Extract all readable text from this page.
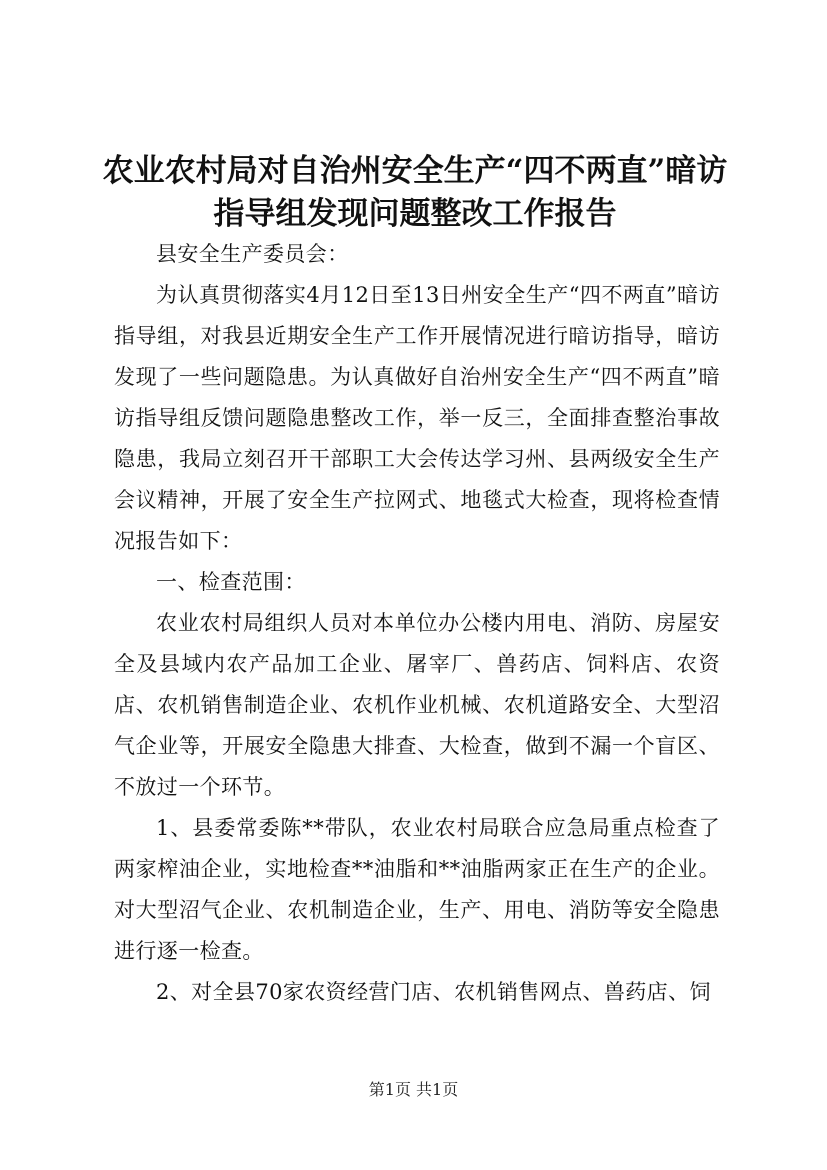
农业农村局对自治州安全生产“四不两直”暗访指导组发现问题整改工作报告

县安全生产委员会：

为认真贯彻落实4月12日至13日州安全生产“四不两直”暗访指导组，对我县近期安全生产工作开展情况进行暗访指导，暗访发现了一些问题隐患。为认真做好自治州安全生产“四不两直”暗访指导组反馈问题隐患整改工作，举一反三，全面排查整治事故隐患，我局立刻召开干部职工大会传达学习州、县两级安全生产会议精神，开展了安全生产拉网式、地毯式大检查，现将检查情况报告如下：

一、检查范围：

农业农村局组织人员对本单位办公楼内用电、消防、房屋安全及县域内农产品加工企业、屠宰厂、兽药店、饲料店、农资店、农机销售制造企业、农机作业机械、农机道路安全、大型沼气企业等，开展安全隐患大排查、大检查，做到不漏一个盲区、不放过一个环节。

1、县委常委陈**带队，农业农村局联合应急局重点检查了两家榨油企业，实地检查**油脂和**油脂两家正在生产的企业。对大型沼气企业、农机制造企业，生产、用电、消防等安全隐患进行逐一检查。

2、对全县70家农资经营门店、农机销售网点、兽药店、饲

第1页 共1页
